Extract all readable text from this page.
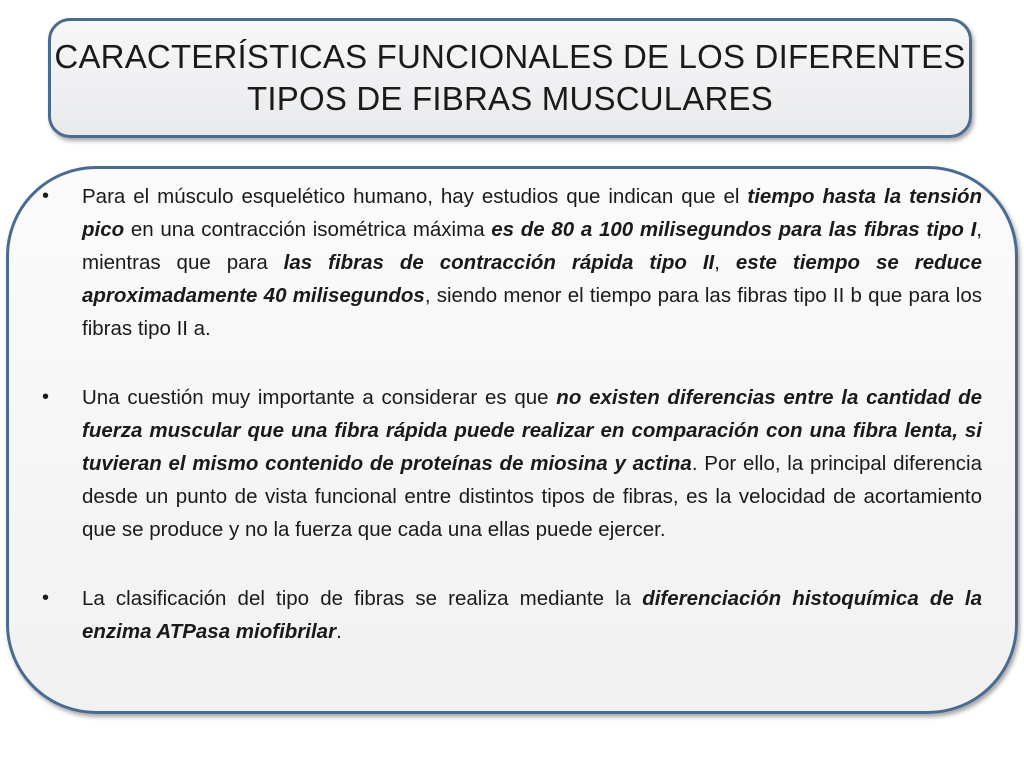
CARACTERÍSTICAS FUNCIONALES DE LOS DIFERENTES
TIPOS DE FIBRAS MUSCULARES
• Para el músculo esquelético humano, hay estudios que indican que el tiempo hasta la tensión pico en una contracción isométrica máxima es de 80 a 100 milisegundos para las fibras tipo I, mientras que para las fibras de contracción rápida tipo II, este tiempo se reduce aproximadamente 40 milisegundos, siendo menor el tiempo para las fibras tipo II b que para los fibras tipo II a.
• Una cuestión muy importante a considerar es que no existen diferencias entre la cantidad de fuerza muscular que una fibra rápida puede realizar en comparación con una fibra lenta, si tuvieran el mismo contenido de proteínas de miosina y actina. Por ello, la principal diferencia desde un punto de vista funcional entre distintos tipos de fibras, es la velocidad de acortamiento que se produce y no la fuerza que cada una ellas puede ejercer.
• La clasificación del tipo de fibras se realiza mediante la diferenciación histoquímica de la enzima ATPasa miofibrilar.
